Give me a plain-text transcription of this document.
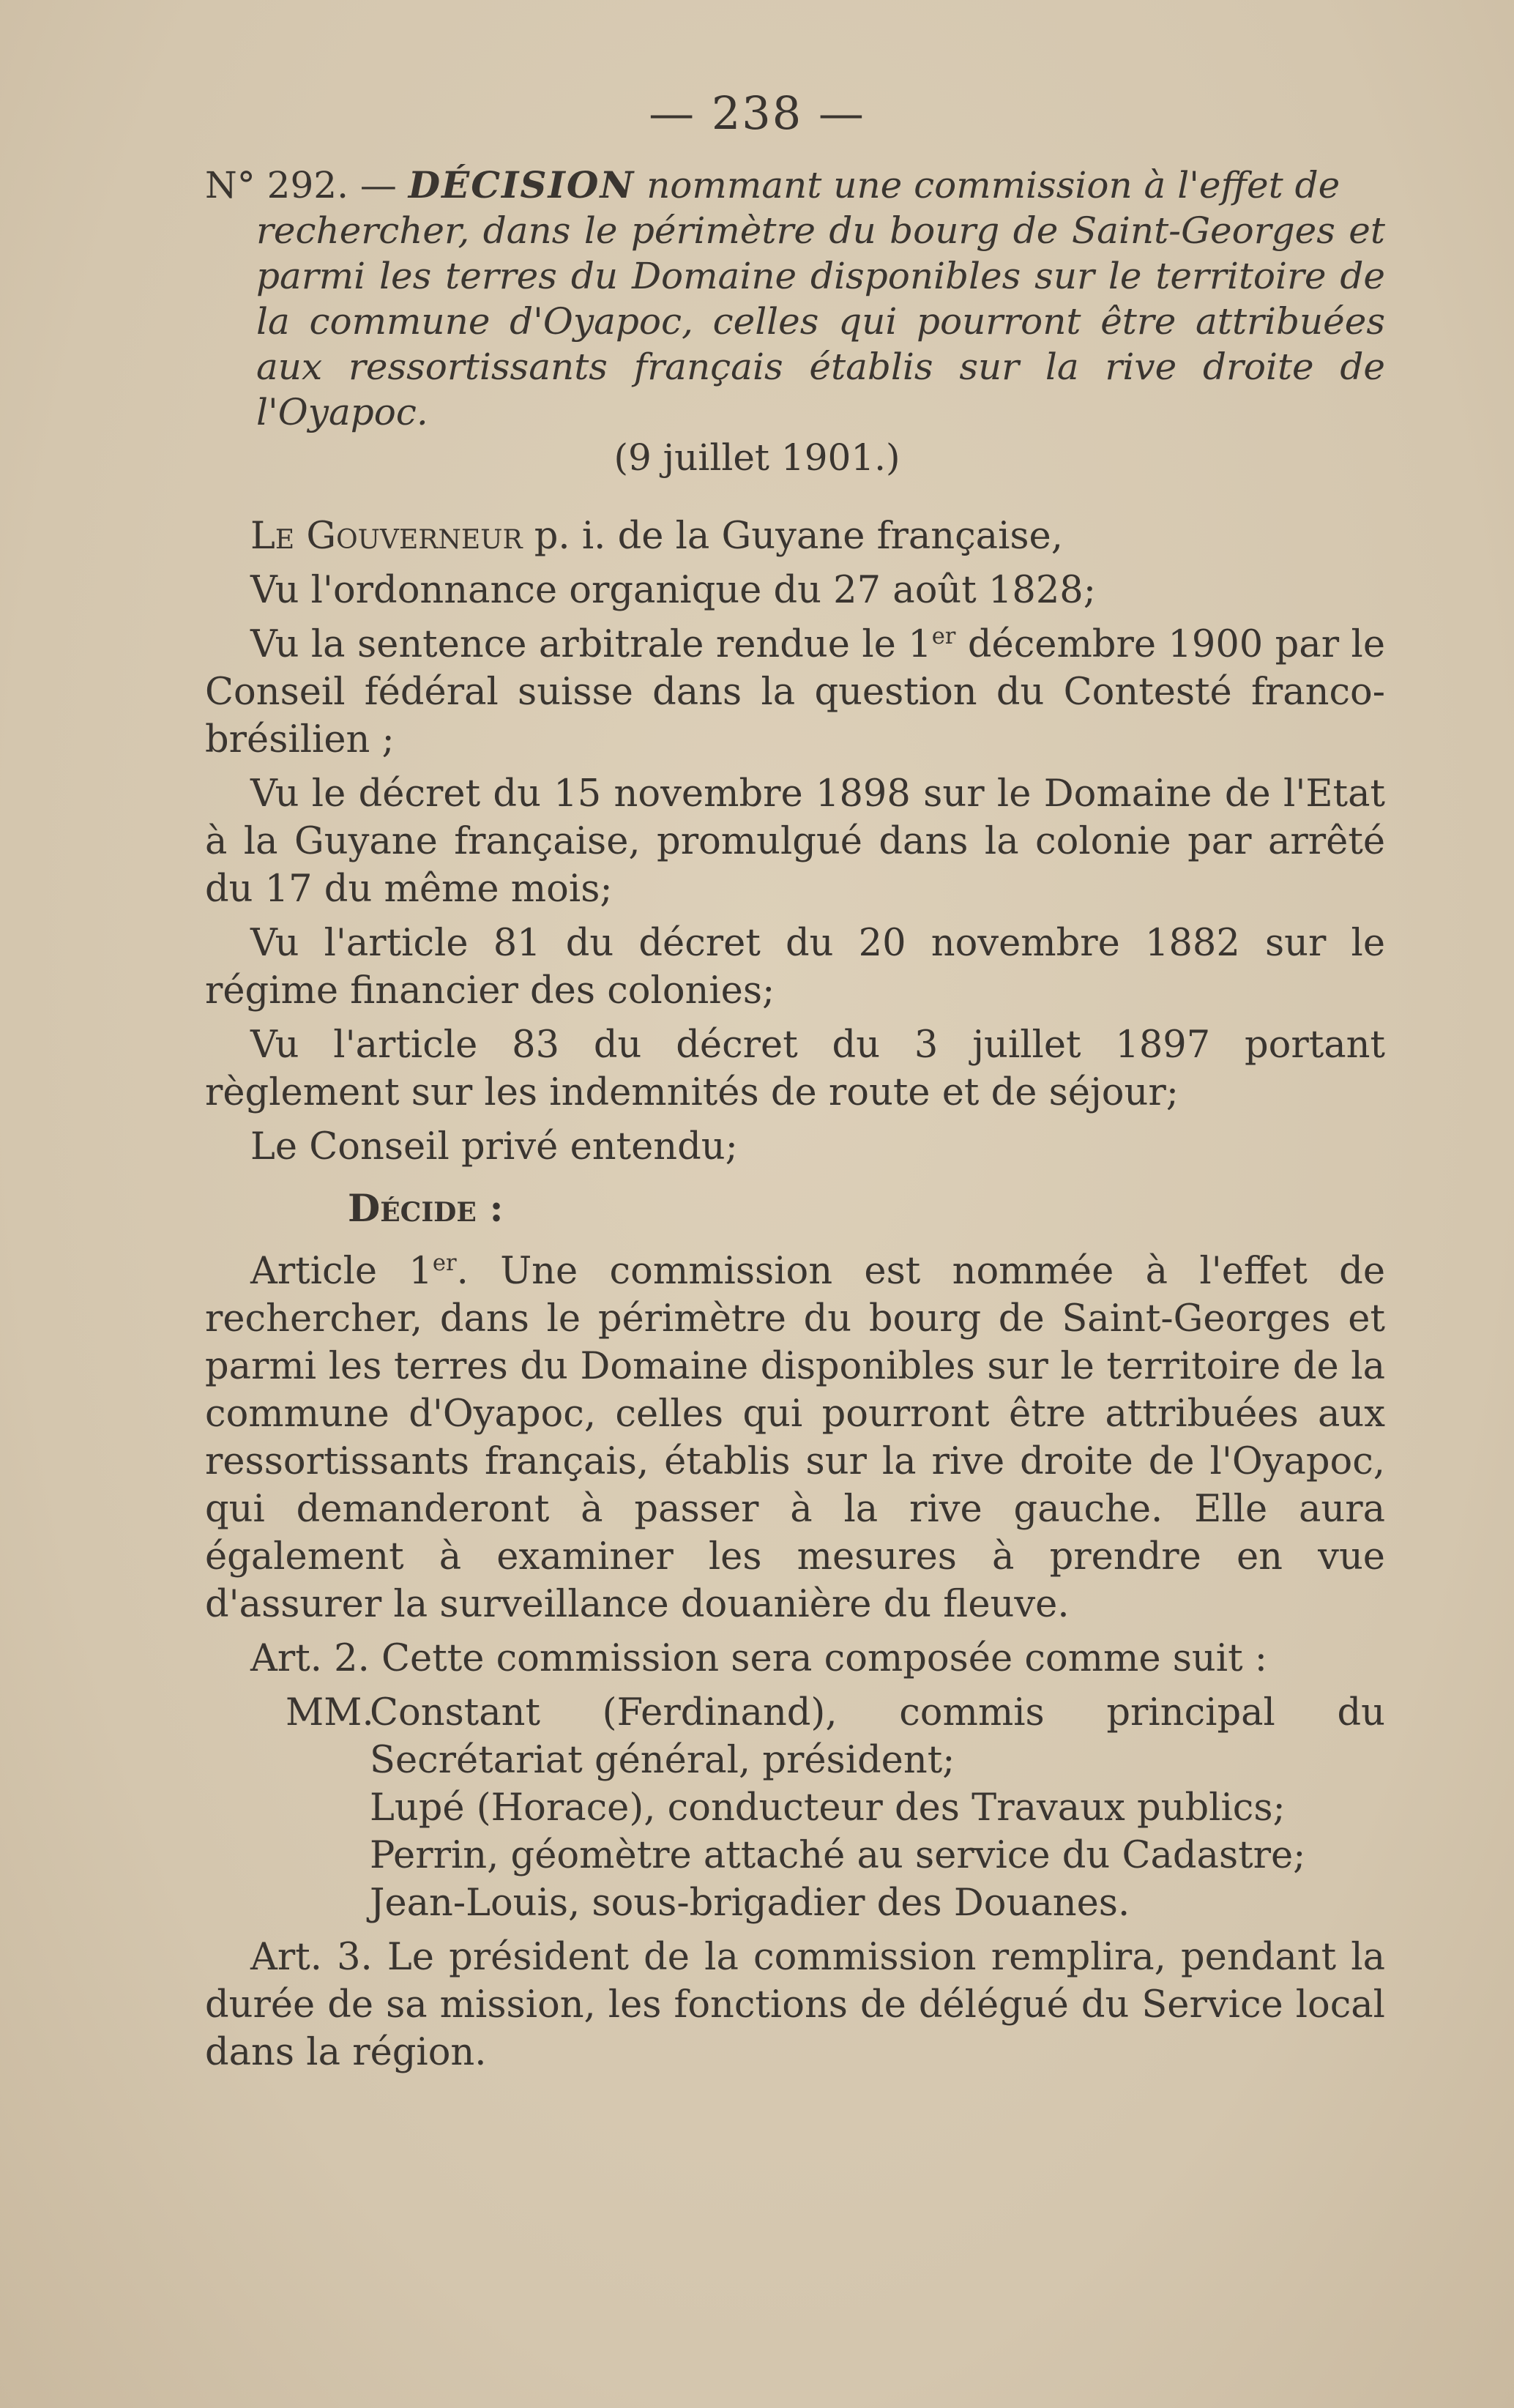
— 238 —
N° 292. — DÉCISION nommant une commission à l'effet de
rechercher, dans le périmètre du bourg de Saint-Georges et parmi les terres du Domaine disponibles sur le territoire de la commune d'Oyapoc, celles qui pourront être attribuées aux ressortissants français établis sur la rive droite de l'Oyapoc.
(9 juillet 1901.)

Le Gouverneur p. i. de la Guyane française,

Vu l'ordonnance organique du 27 août 1828;

Vu la sentence arbitrale rendue le 1er décembre 1900 par le Conseil fédéral suisse dans la question du Contesté franco-brésilien ;

Vu le décret du 15 novembre 1898 sur le Domaine de l'Etat à la Guyane française, promulgué dans la colonie par arrêté du 17 du même mois;

Vu l'article 81 du décret du 20 novembre 1882 sur le régime financier des colonies;

Vu l'article 83 du décret du 3 juillet 1897 portant règlement sur les indemnités de route et de séjour;

Le Conseil privé entendu;

Décide :

Article 1er. Une commission est nommée à l'effet de rechercher, dans le périmètre du bourg de Saint-Georges et parmi les terres du Domaine disponibles sur le territoire de la commune d'Oyapoc, celles qui pourront être attribuées aux ressortissants français, établis sur la rive droite de l'Oyapoc, qui demanderont à passer à la rive gauche. Elle aura également à examiner les mesures à prendre en vue d'assurer la surveillance douanière du fleuve.

Art. 2. Cette commission sera composée comme suit :

MM.Constant (Ferdinand), commis principal du Secrétariat général, président;
Lupé (Horace), conducteur des Travaux publics;
Perrin, géomètre attaché au service du Cadastre;
Jean-Louis, sous-brigadier des Douanes.

Art. 3. Le président de la commission remplira, pendant la durée de sa mission, les fonctions de délégué du Service local dans la région.
